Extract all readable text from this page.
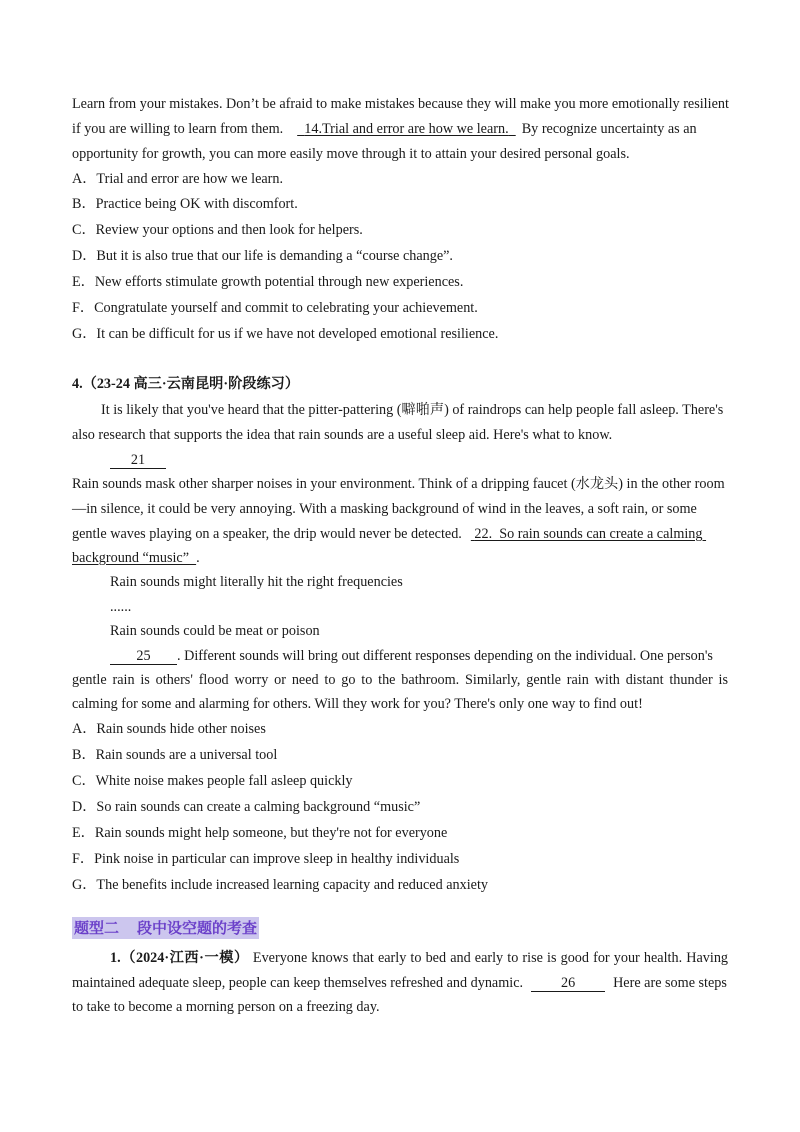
Learn from your mistakes. Don’t be afraid to make mistakes because they will make you more emotionally resilient
if you are willing to learn from them. 14.Trial and error are how we learn. By recognize uncertainty as an
opportunity for growth, you can more easily move through it to attain your desired personal goals.
A．Trial and error are how we learn.
B．Practice being OK with discomfort.
C．Review your options and then look for helpers.
D．But it is also true that our life is demanding a “course change”.
E．New efforts stimulate growth potential through new experiences.
F．Congratulate yourself and commit to celebrating your achievement.
G．It can be difficult for us if we have not developed emotional resilience.
4.（23-24 高三·云南昆明·阶段练习）
It is likely that you've heard that the pitter-pattering (噼啪声) of raindrops can help people fall asleep. There's
also research that supports the idea that rain sounds are a useful sleep aid. Here's what to know.
21
Rain sounds mask other sharper noises in your environment. Think of a dripping faucet (水龙头) in the other room
—in silence, it could be very annoying. With a masking background of wind in the leaves, a soft rain, or some
gentle waves playing on a speaker, the drip would never be detected. 22.  So rain sounds can create a calming
background “music” .
Rain sounds might literally hit the right frequencies
......
Rain sounds could be meat or poison
25 . Different sounds will bring out different responses depending on the individual. One person's
gentle rain is others' flood worry or need to go to the bathroom. Similarly, gentle rain with distant thunder is
calming for some and alarming for others. Will they work for you? There's only one way to find out!
A．Rain sounds hide other noises
B．Rain sounds are a universal tool
C．White noise makes people fall asleep quickly
D．So rain sounds can create a calming background “music”
E．Rain sounds might help someone, but they're not for everyone
F．Pink noise in particular can improve sleep in healthy individuals
G．The benefits include increased learning capacity and reduced anxiety
题型二 段中设空题的考查
1.（2024·江西·一模） Everyone knows that early to bed and early to rise is good for your health. Having
maintained adequate sleep, people can keep themselves refreshed and dynamic.	26	Here are some steps
to take to become a morning person on a freezing day.
